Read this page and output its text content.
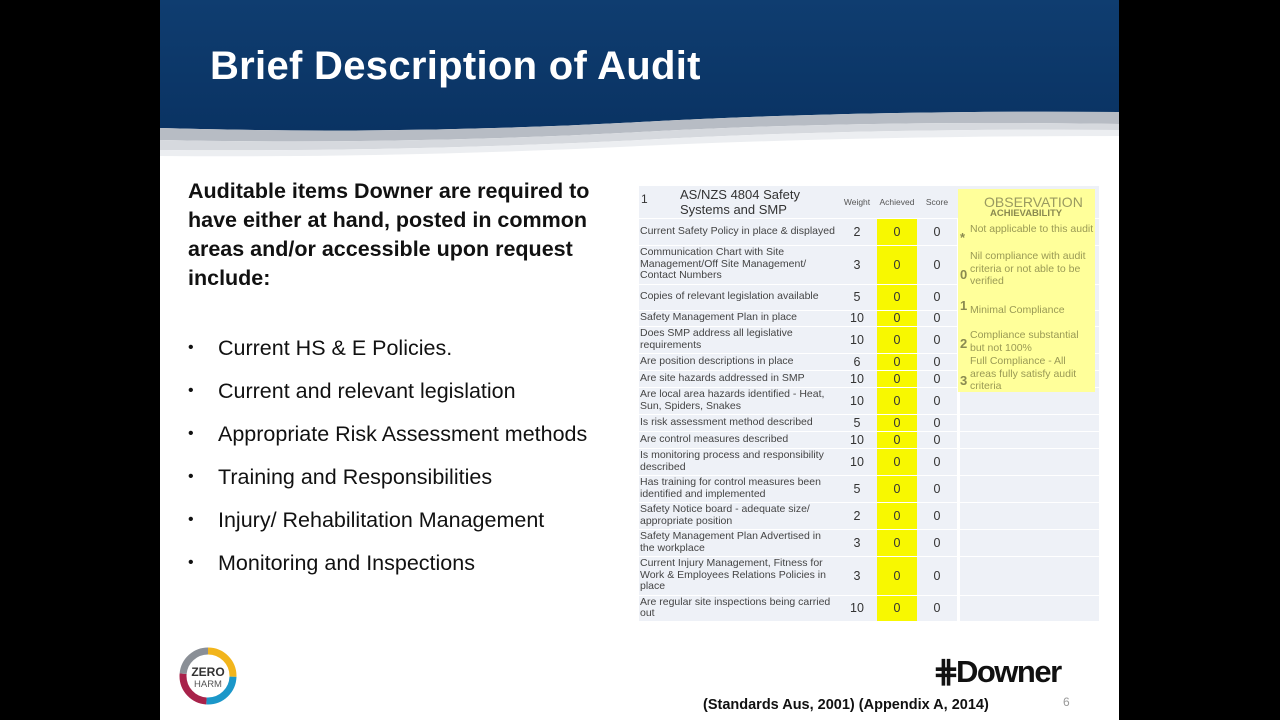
Brief Description of Audit
Auditable items Downer are required to have either at hand, posted in common areas and/or accessible upon request include:
• Current HS & E Policies.
• Current and relevant legislation
• Appropriate Risk Assessment methods
• Training and Responsibilities
• Injury/ Rehabilitation Management
• Monitoring and Inspections
1 AS/NZS 4804 Safety Systems and SMP	Weight	Achieved	Score		
Current Safety Policy in place & displayed	2	0	0		
Communication Chart with Site Management/Off Site Management/ Contact Numbers	3	0	0		
Copies of relevant legislation available	5	0	0		
Safety Management Plan in place	10	0	0		
Does SMP address all legislative requirements	10	0	0		
Are position descriptions in place	6	0	0		
Are site hazards addressed in SMP	10	0	0		
Are local area hazards identified - Heat, Sun, Spiders, Snakes	10	0	0		
Is risk assessment method described	5	0	0		
Are control measures described	10	0	0		
Is monitoring process and responsibility described	10	0	0		
Has training for control measures been identified and implemented	5	0	0		
Safety Notice board - adequate size/ appropriate position	2	0	0		
Safety Management Plan Advertised in the workplace	3	0	0		
Current Injury Management, Fitness for Work & Employees Relations Policies in place	3	0	0		
Are regular site inspections being carried out	10	0	0		
OBSERVATION
ACHIEVABILITY
*
Not applicable to this audit
0
Nil compliance with audit criteria or not able to be verified
1 Minimal Compliance
2
Compliance substantial but not 100%
3
Full Compliance - All areas fully satisfy audit criteria
ZERO
HARM	⋕Downer
(Standards Aus, 2001) (Appendix A, 2014)	6
